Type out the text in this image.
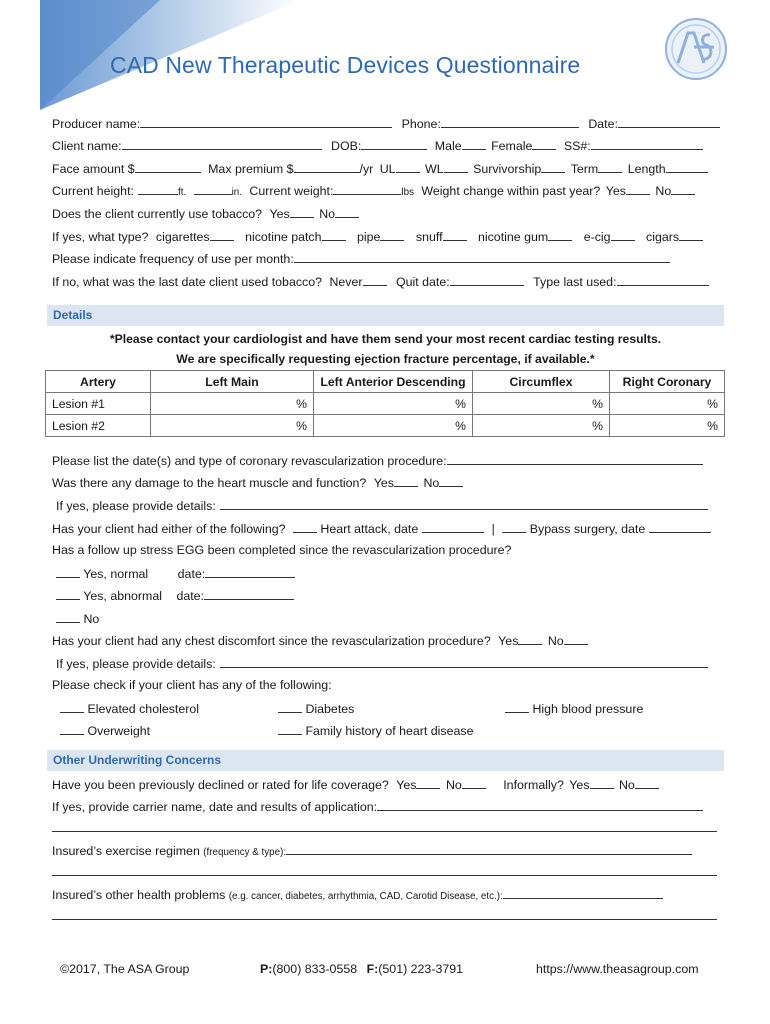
CAD New Therapeutic Devices Questionnaire
Producer name:	Phone:	Date:
Client name:	DOB:	Male Female	SS#:
Face amount $	Max premium $	/yr UL WL Survivorship Term Length
Current height:	ft.	in. Current weight:	lbs Weight change within past year? Yes No
Does the client currently use tobacco? Yes No
If yes, what type? cigarettes	nicotine patch	pipe	snuff	nicotine gum	e-cig	cigars
Please indicate frequency of use per month:
If no, what was the last date client used tobacco? Never	Quit date:	Type last used:
Details
*Please contact your cardiologist and have them send your most recent cardiac testing results.
We are specifically requesting ejection fracture percentage, if available.*
Artery	Left Main	Left Anterior Descending	Circumflex	Right Coronary
Lesion #1	%	%	%	%
Lesion #2	%	%	%	%
Please list the date(s) and type of coronary revascularization procedure:
Was there any damage to the heart muscle and function? Yes No
If yes, please provide details:
Has your client had either of the following?	Heart attack, date	|	Bypass surgery, date
Has a follow up stress EGG been completed since the revascularization procedure?
Yes, normal date:
Yes, abnormal date:
No
Has your client had any chest discomfort since the revascularization procedure? Yes No
If yes, please provide details:
Please check if your client has any of the following:
Elevated cholesterol	Diabetes	High blood pressure
Overweight	Family history of heart disease
Other Underwriting Concerns
Have you been previously declined or rated for life coverage? Yes No	Informally? Yes No
If yes, provide carrier name, date and results of application:
Insured’s exercise regimen (frequency & type):
Insured’s other health problems (e.g. cancer, diabetes, arrhythmia, CAD, Carotid Disease, etc.):
©2017, The ASA Group	P:(800) 833-0558 F:(501) 223-3791	https://www.theasagroup.com
